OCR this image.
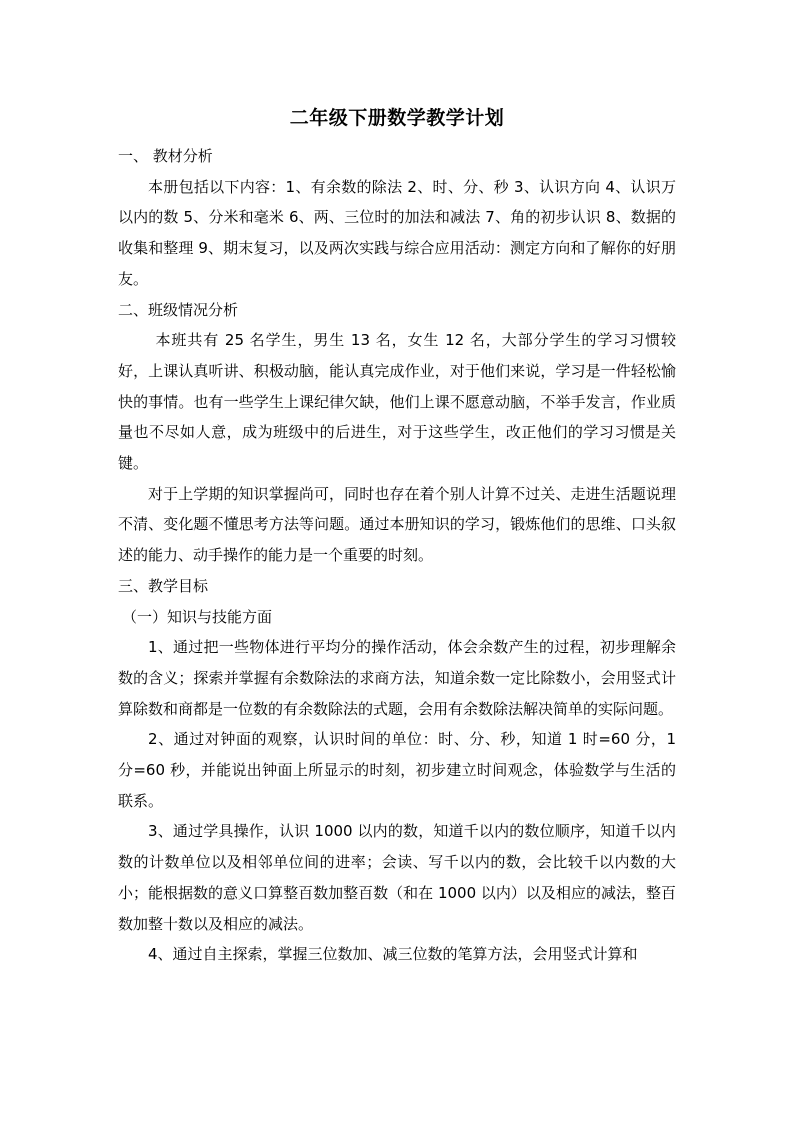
二年级下册数学教学计划

一、 教材分析

本册包括以下内容：1、有余数的除法 2、时、分、秒 3、认识方向 4、认识万以内的数 5、分米和毫米 6、两、三位时的加法和减法 7、角的初步认识 8、数据的收集和整理 9、期末复习，以及两次实践与综合应用活动：测定方向和了解你的好朋友。

二、班级情况分析

本班共有 25 名学生，男生 13 名，女生 12 名，大部分学生的学习习惯较好，上课认真听讲、积极动脑，能认真完成作业，对于他们来说，学习是一件轻松愉快的事情。也有一些学生上课纪律欠缺，他们上课不愿意动脑，不举手发言，作业质量也不尽如人意，成为班级中的后进生，对于这些学生，改正他们的学习习惯是关键。

对于上学期的知识掌握尚可，同时也存在着个别人计算不过关、走进生活题说理不清、变化题不懂思考方法等问题。通过本册知识的学习，锻炼他们的思维、口头叙述的能力、动手操作的能力是一个重要的时刻。

三、教学目标

（一）知识与技能方面

1、通过把一些物体进行平均分的操作活动，体会余数产生的过程，初步理解余数的含义；探索并掌握有余数除法的求商方法，知道余数一定比除数小，会用竖式计算除数和商都是一位数的有余数除法的式题，会用有余数除法解决简单的实际问题。

2、通过对钟面的观察，认识时间的单位：时、分、秒，知道 1 时=60 分，1 分=60 秒，并能说出钟面上所显示的时刻，初步建立时间观念，体验数学与生活的联系。

3、通过学具操作，认识 1000 以内的数，知道千以内的数位顺序，知道千以内数的计数单位以及相邻单位间的进率；会读、写千以内的数，会比较千以内数的大小；能根据数的意义口算整百数加整百数（和在 1000 以内）以及相应的减法，整百数加整十数以及相应的减法。

4、通过自主探索，掌握三位数加、减三位数的笔算方法，会用竖式计算和
